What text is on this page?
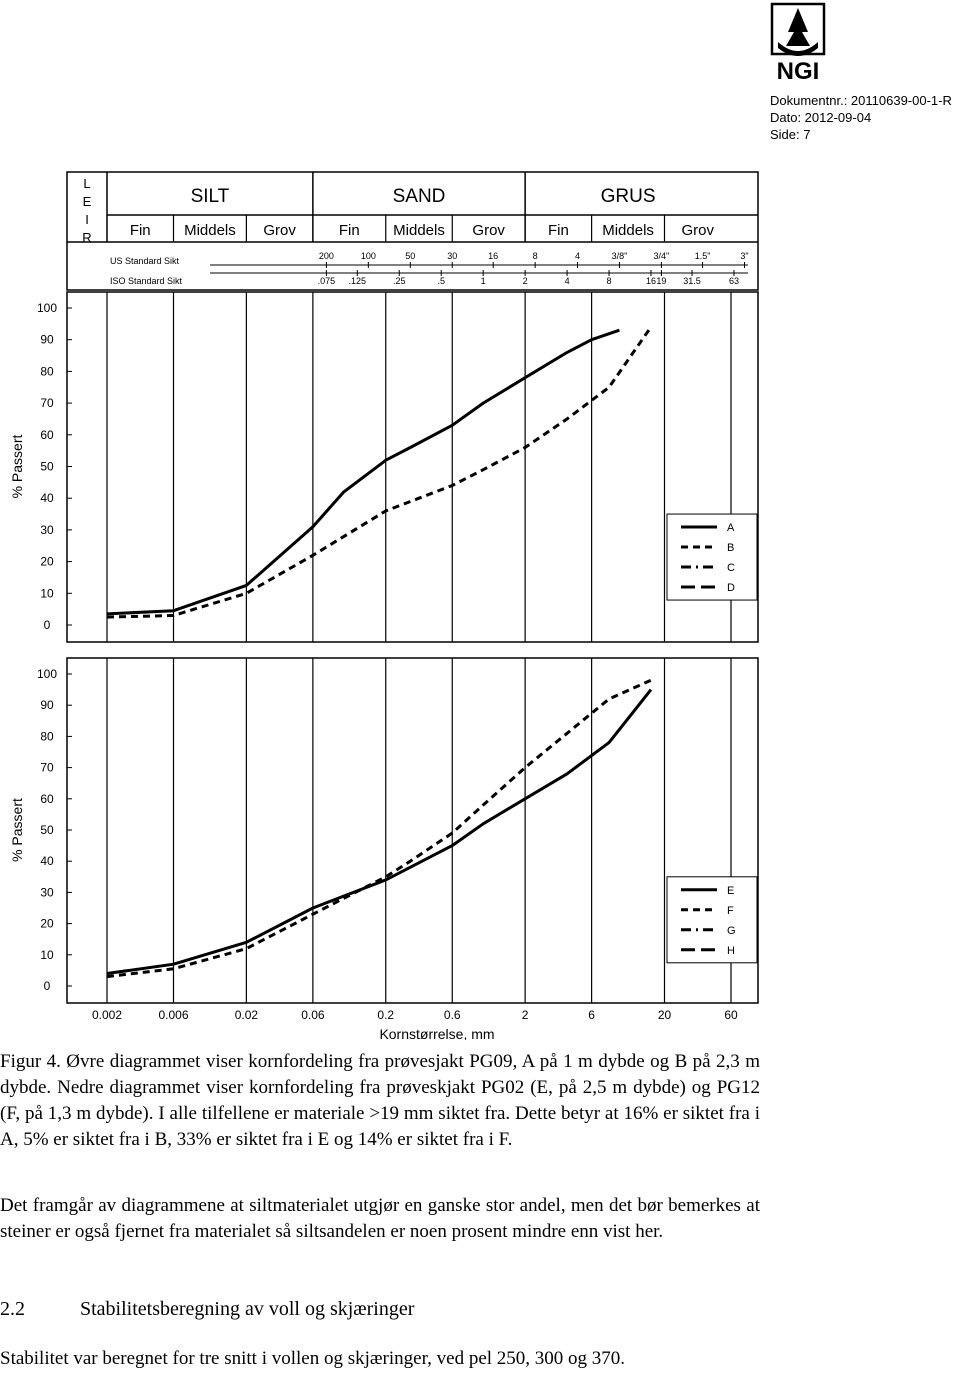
NGI
Dokumentnr.: 20110639-00-1-R
Dato: 2012-09-04
Side: 7
L
E
I
R
SILT	SAND	GRUS
Fin Middels Grov	Fin Middels Grov	Fin Middels Grov
US Standard Sikt	200	100	50	30	16	8	4	3/8"	3/4"	1.5"	3"
ISO Standard Sikt	.075 .125	.25	.5	1	2	4	8	16 19 31.5	63
0
10
20
30
40
50
60
70
80
90
100
% Passert
A
B
C
D
0
10
20
30
40
50
60
70
80
90
100
% Passert
0.002	0.006	0.02	0.06	0.2	0.6	2	6	20	60
Kornstørrelse, mm
E
F
G
H
Figur 4. Øvre diagrammet viser kornfordeling fra prøvesjakt PG09, A på 1 m dybde og B på 2,3 m dybde. Nedre diagrammet viser kornfordeling fra prøveskjakt PG02 (E, på 2,5 m dybde) og PG12 (F, på 1,3 m dybde). I alle tilfellene er materiale >19 mm siktet fra. Dette betyr at 16% er siktet fra i A, 5% er siktet fra i B, 33% er siktet fra i E og 14% er siktet fra i F.
Det framgår av diagrammene at siltmaterialet utgjør en ganske stor andel, men det bør bemerkes at steiner er også fjernet fra materialet så siltsandelen er noen prosent mindre enn vist her.
2.2	Stabilitetsberegning av voll og skjæringer
Stabilitet var beregnet for tre snitt i vollen og skjæringer, ved pel 250, 300 og 370.
